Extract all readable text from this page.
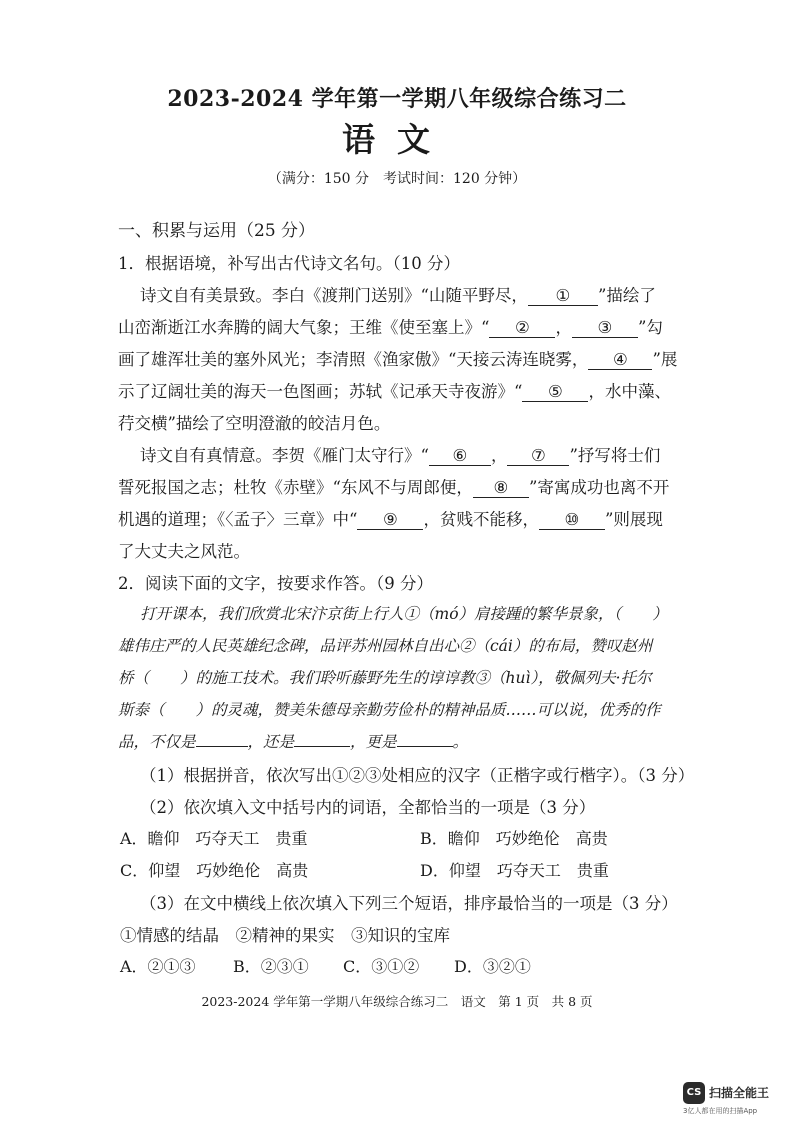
2023-2024 学年第一学期八年级综合练习二
语文
（满分：150 分　考试时间：120 分钟）
一、积累与运用（25 分）
1．根据语境，补写出古代诗文名句。（10 分）
诗文自有美景致。李白《渡荆门送别》“山随平野尽， ① ”描绘了
山峦渐逝江水奔腾的阔大气象；王维《使至塞上》“ ② ， ③ ”勾
画了雄浑壮美的塞外风光；李清照《渔家傲》“天接云涛连晓雾， ④ ”展
示了辽阔壮美的海天一色图画；苏轼《记承天寺夜游》“ ⑤ ，水中藻、
荇交横”描绘了空明澄澈的皎洁月色。
诗文自有真情意。李贺《雁门太守行》“ ⑥ ， ⑦ ”抒写将士们
誓死报国之志；杜牧《赤壁》“东风不与周郎便， ⑧ ”寄寓成功也离不开
机遇的道理；《〈孟子〉三章》中“ ⑨ ，贫贱不能移， ⑩ ”则展现
了大丈夫之风范。
2．阅读下面的文字，按要求作答。（9 分）
打开课本，我们欣赏北宋汴京街上行人①（mó）肩接踵的繁华景象，（　　）
雄伟庄严的人民英雄纪念碑，品评苏州园林自出心②（cái）的布局，赞叹赵州
桥（　　）的施工技术。我们聆听藤野先生的谆谆教③（huì），敬佩列夫·托尔
斯泰（　　）的灵魂，赞美朱德母亲勤劳俭朴的精神品质……可以说，优秀的作
品，不仅是	，还是	，更是	。
（1）根据拼音，依次写出①②③处相应的汉字（正楷字或行楷字）。（3 分）
（2）依次填入文中括号内的词语，全都恰当的一项是（3 分）
A．瞻仰　巧夺天工　贵重	B．瞻仰　巧妙绝伦　高贵
C．仰望　巧妙绝伦　高贵	D．仰望　巧夺天工　贵重
（3）在文中横线上依次填入下列三个短语，排序最恰当的一项是（3 分）
①情感的结晶　②精神的果实　③知识的宝库
A．②①③ B．②③① C．③①② D．③②①
2023-2024 学年第一学期八年级综合练习二　语文　第 1 页　共 8 页
CS 扫描全能王
3亿人都在用的扫描App
